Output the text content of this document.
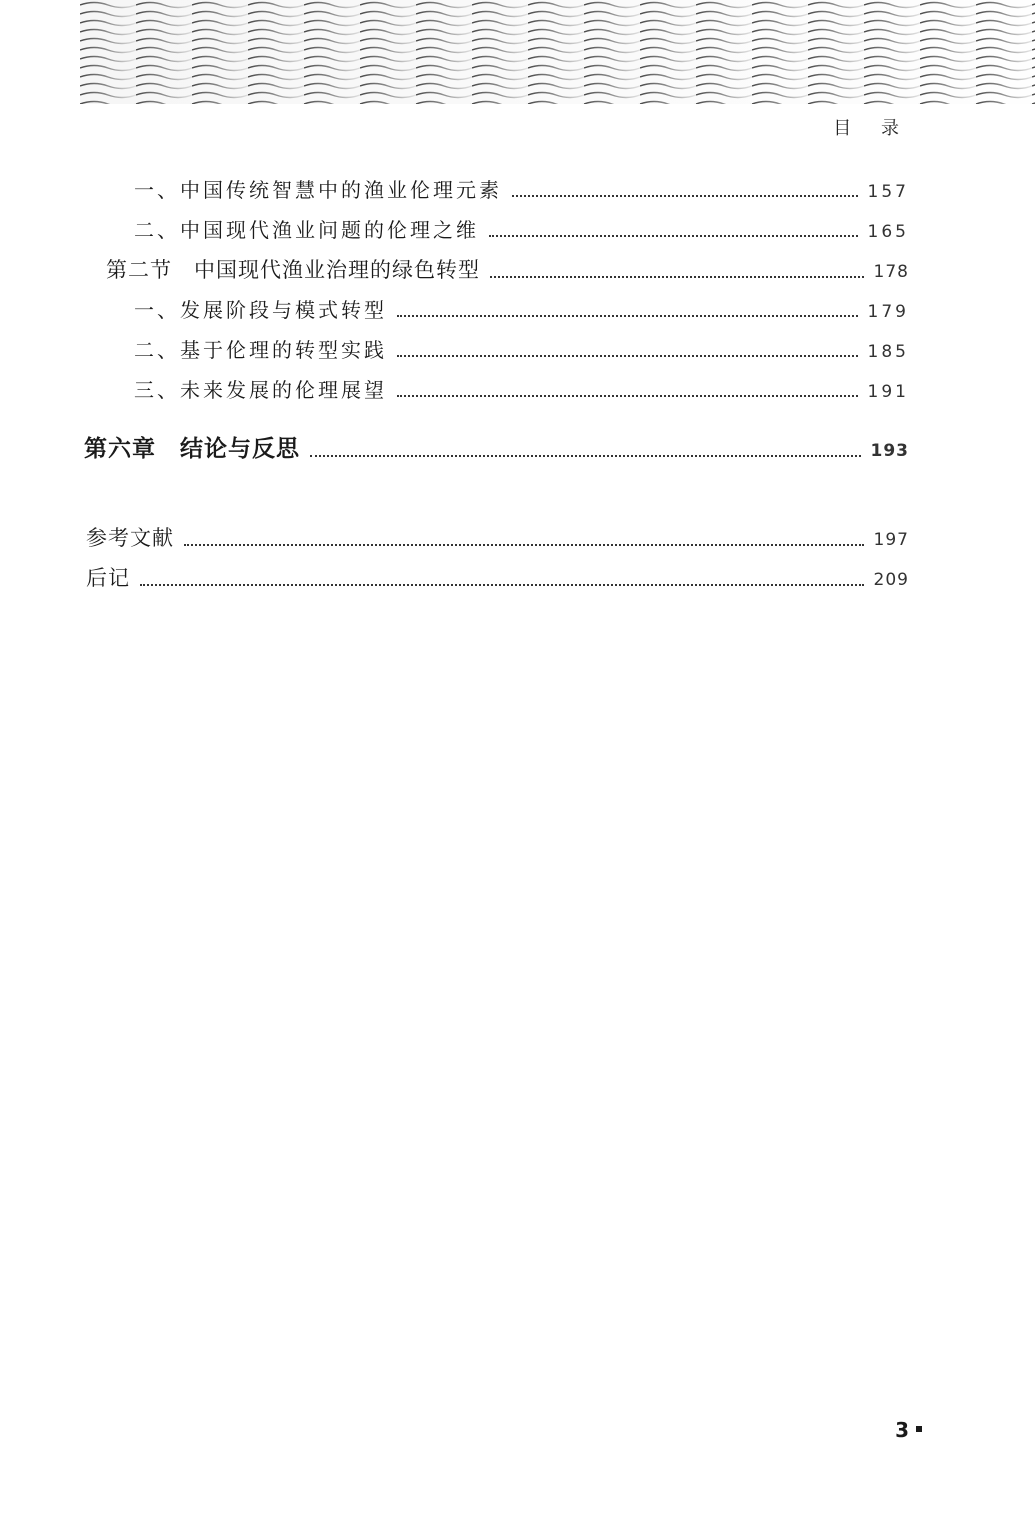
目 录
一、中国传统智慧中的渔业伦理元素	157
二、中国现代渔业问题的伦理之维	165
第二节　中国现代渔业治理的绿色转型	178
一、发展阶段与模式转型	179
二、基于伦理的转型实践	185
三、未来发展的伦理展望	191
第六章　结论与反思	193
参考文献	197
后记	209
3
